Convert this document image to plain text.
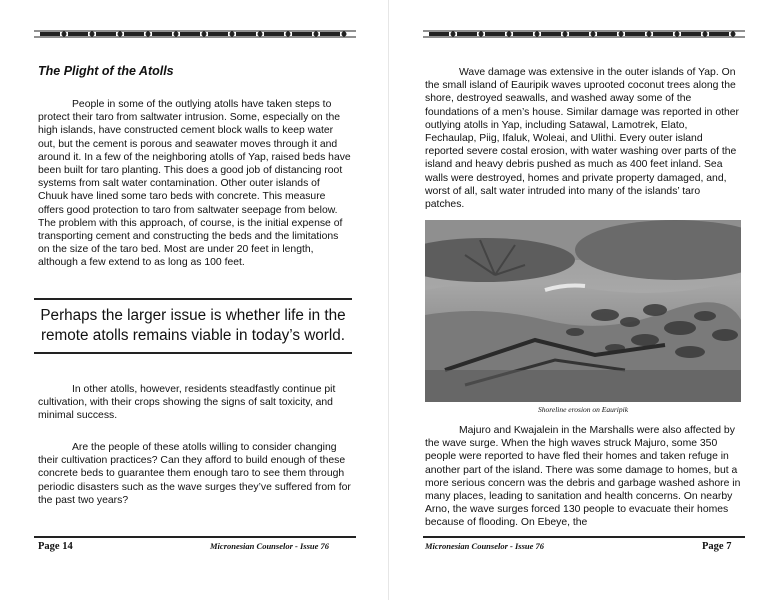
The Plight of the Atolls

People in some of the outlying atolls have taken steps to protect their taro from saltwater intrusion. Some, especially on the high islands, have constructed cement block walls to keep water out, but the cement is porous and seawater moves through it and around it. In a few of the neighboring atolls of Yap, raised beds have been built for taro planting. This does a good job of distancing root systems from salt water contamination. Other outer islands of Chuuk have lined some taro beds with concrete. This measure offers good protection to taro from saltwater seepage from below. The problem with this approach, of course, is the initial expense of transporting cement and constructing the beds and the limitations on the size of the taro bed. Most are under 20 feet in length, although a few extend to as long as 100 feet.

Perhaps the larger issue is whether life in the remote atolls remains viable in today’s world.

In other atolls, however, residents steadfastly continue pit cultivation, with their crops showing the signs of salt toxicity, and minimal success.

Are the people of these atolls willing to consider changing their cultivation practices? Can they afford to build enough of these concrete beds to guarantee them enough taro to see them through periodic disasters such as the wave surges they’ve suffered from for the past two years?

Page 14	Micronesian Counselor - Issue 76

Wave damage was extensive in the outer islands of Yap. On the small island of Eauripik waves uprooted coconut trees along the shore, destroyed seawalls, and washed away some of the foundations of a men’s house. Similar damage was reported in other outlying atolls in Yap, including Satawal, Lamotrek, Elato, Fechaulap, Piig, Ifaluk, Woleai, and Ulithi. Every outer island reported severe costal erosion, with water washing over parts of the island and heavy debris pushed as much as 400 feet inland. Sea walls were destroyed, homes and private property damaged, and, worst of all, salt water intruded into many of the islands’ taro patches.

Shoreline erosion on Eauripik

Majuro and Kwajalein in the Marshalls were also affected by the wave surge. When the high waves struck Majuro, some 350 people were reported to have fled their homes and taken refuge in another part of the island. There was some damage to homes, but a more serious concern was the debris and garbage washed ashore in many places, leading to sanitation and health concerns. On nearby Arno, the wave surges forced 130 people to evacuate their homes because of flooding. On Ebeye, the

Micronesian Counselor - Issue 76	Page 7
